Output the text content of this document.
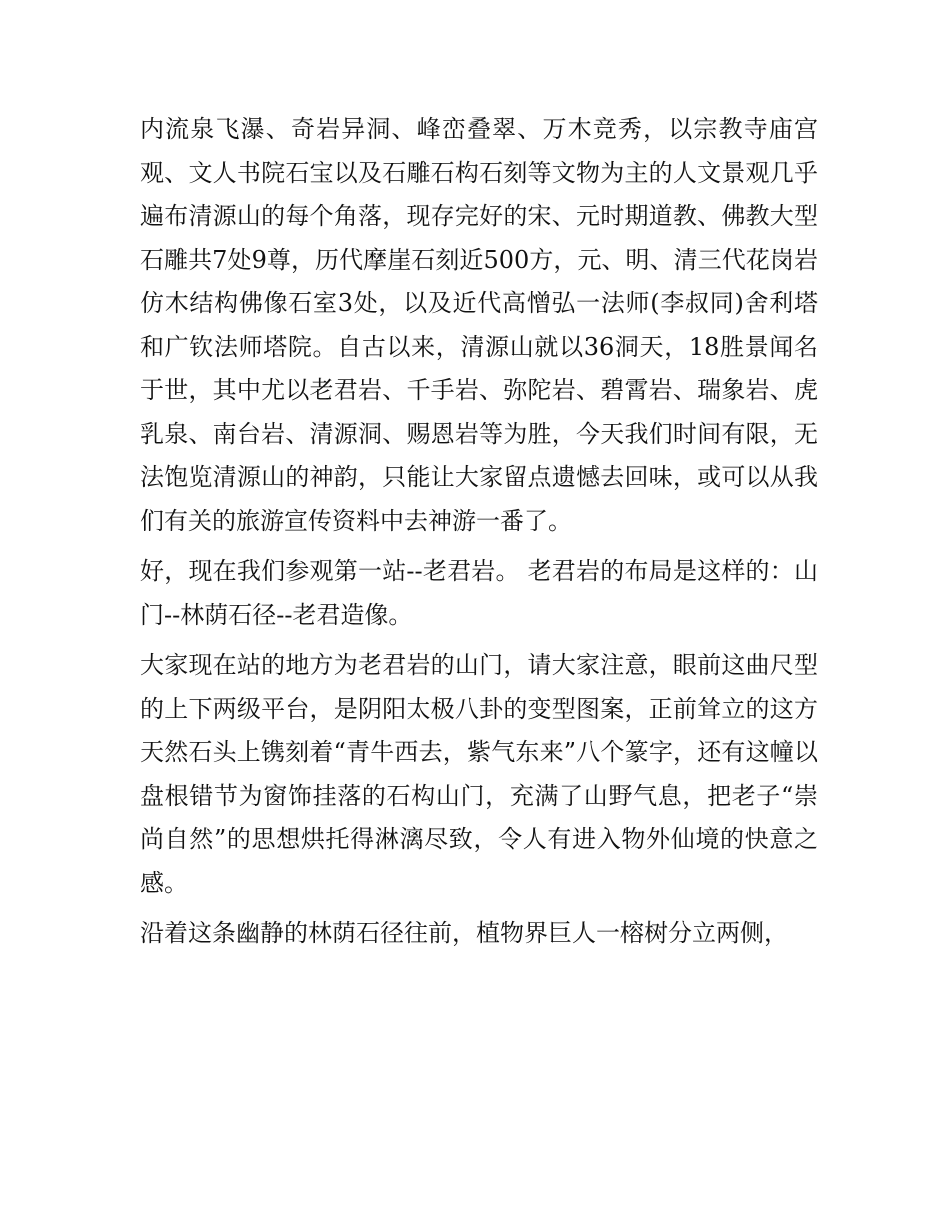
内流泉飞瀑、奇岩异洞、峰峦叠翠、万木竞秀，以宗教寺庙宫观、文人书院石宝以及石雕石构石刻等文物为主的人文景观几乎遍布清源山的每个角落，现存完好的宋、元时期道教、佛教大型石雕共7处9尊，历代摩崖石刻近500方，元、明、清三代花岗岩仿木结构佛像石室3处，以及近代高憎弘一法师(李叔同)舍利塔和广钦法师塔院。自古以来，清源山就以36洞天，18胜景闻名于世，其中尤以老君岩、千手岩、弥陀岩、碧霄岩、瑞象岩、虎乳泉、南台岩、清源洞、赐恩岩等为胜，今天我们时间有限，无法饱览清源山的神韵，只能让大家留点遗憾去回味，或可以从我们有关的旅游宣传资料中去神游一番了。

好，现在我们参观第一站--老君岩。 老君岩的布局是这样的：山门--林荫石径--老君造像。

大家现在站的地方为老君岩的山门，请大家注意，眼前这曲尺型的上下两级平台，是阴阳太极八卦的变型图案，正前耸立的这方天然石头上镌刻着“青牛西去，紫气东来”八个篆字，还有这幢以盘根错节为窗饰挂落的石构山门，充满了山野气息，把老子“崇尚自然”的思想烘托得淋漓尽致，令人有进入物外仙境的快意之感。

沿着这条幽静的林荫石径往前，植物界巨人一榕树分立两侧，
